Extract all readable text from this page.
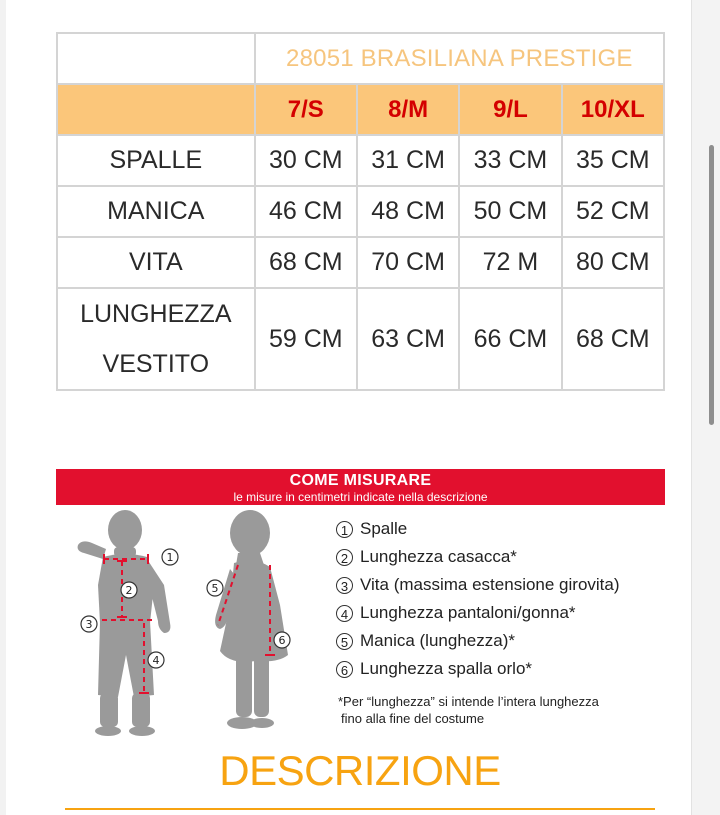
	28051 BRASILIANA PRESTIGE			
	7/S	8/M	9/L	10/XL
SPALLE	30 CM	31 CM	33 CM	35 CM
MANICA	46 CM	48 CM	50 CM	52 CM
VITA	68 CM	70 CM	72 M	80 CM

LUNGHEZZA
VESTITO	59 CM	63 CM	66 CM	68 CM
COME MISURARE
le misure in centimetri indicate nella descrizione
1
2
3
4
5
6
1 Spalle
2 Lunghezza casacca*
3 Vita (massima estensione girovita)
4 Lunghezza pantaloni/gonna*
5 Manica (lunghezza)*
6 Lunghezza spalla orlo*
*Per “lunghezza” si intende l’intera lunghezza
fino alla fine del costume
DESCRIZIONE
